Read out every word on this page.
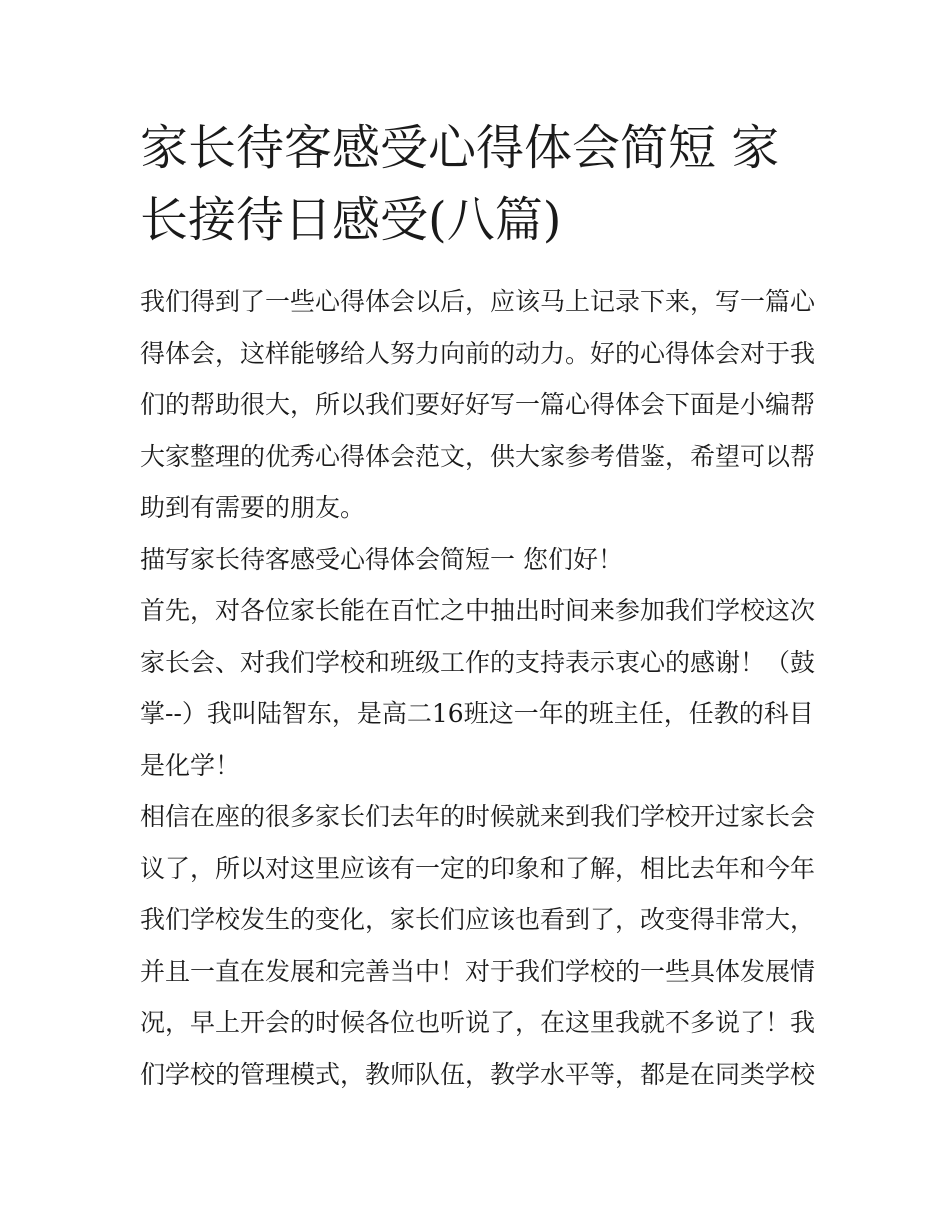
家长待客感受心得体会简短 家
长接待日感受(八篇)
我们得到了一些心得体会以后，应该马上记录下来，写一篇心
得体会，这样能够给人努力向前的动力。好的心得体会对于我
们的帮助很大，所以我们要好好写一篇心得体会下面是小编帮
大家整理的优秀心得体会范文，供大家参考借鉴，希望可以帮
助到有需要的朋友。
描写家长待客感受心得体会简短一 您们好！
首先，对各位家长能在百忙之中抽出时间来参加我们学校这次
家长会、对我们学校和班级工作的支持表示衷心的感谢！（鼓
掌--）我叫陆智东，是高二16班这一年的班主任，任教的科目
是化学！
相信在座的很多家长们去年的时候就来到我们学校开过家长会
议了，所以对这里应该有一定的印象和了解，相比去年和今年
我们学校发生的变化，家长们应该也看到了，改变得非常大，
并且一直在发展和完善当中！对于我们学校的一些具体发展情
况，早上开会的时候各位也听说了，在这里我就不多说了！我
们学校的管理模式，教师队伍，教学水平等，都是在同类学校
